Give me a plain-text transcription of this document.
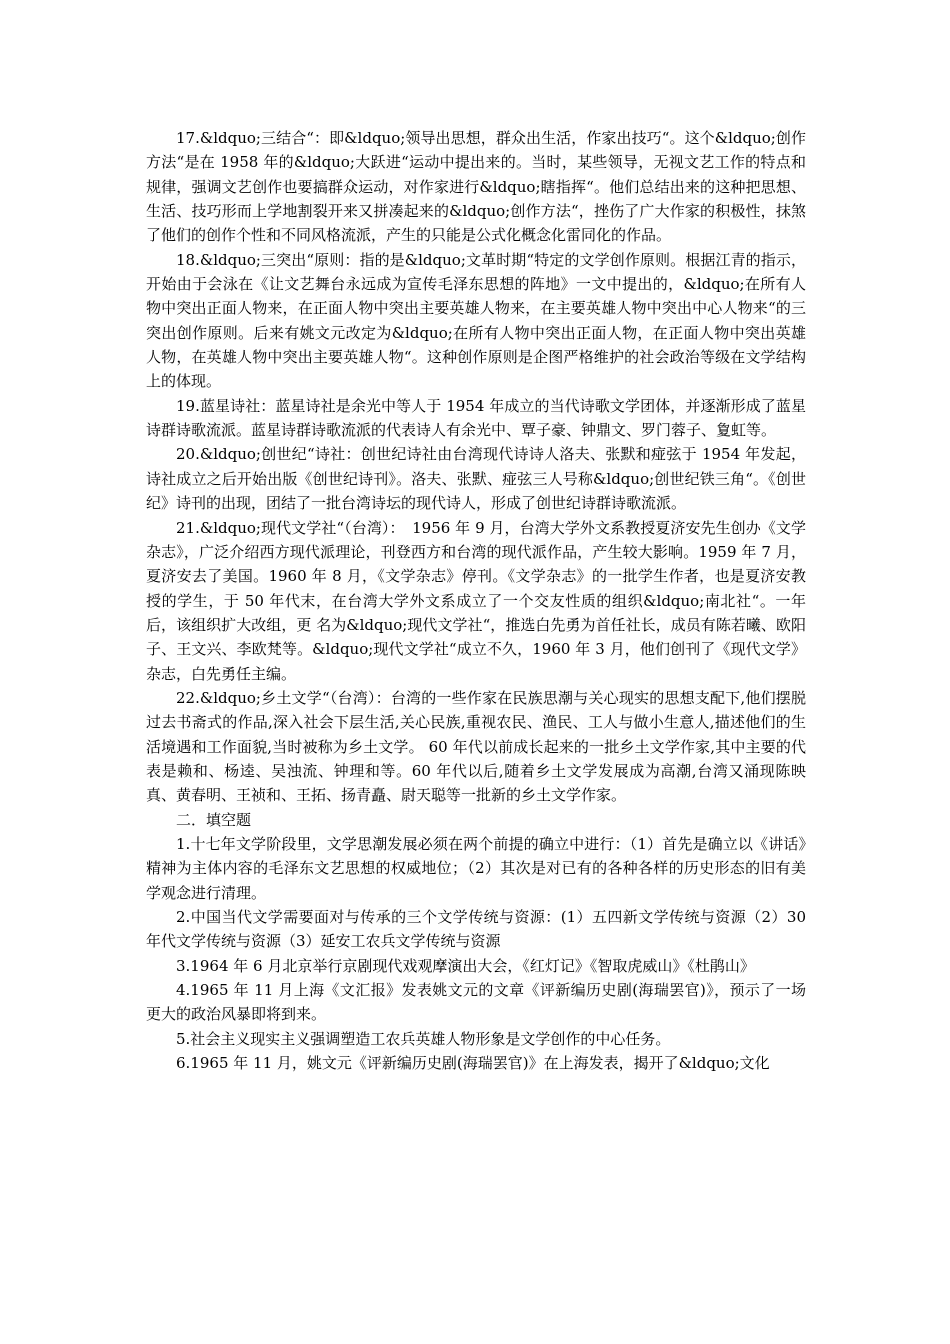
17.&ldquo;三结合“：即&ldquo;领导出思想，群众出生活，作家出技巧“。这个&ldquo;创作方法“是在 1958 年的&ldquo;大跃进“运动中提出来的。当时，某些领导，无视文艺工作的特点和规律，强调文艺创作也要搞群众运动，对作家进行&ldquo;瞎指挥“。他们总结出来的这种把思想、生活、技巧形而上学地割裂开来又拼凑起来的&ldquo;创作方法“，挫伤了广大作家的积极性，抹煞了他们的创作个性和不同风格流派，产生的只能是公式化概念化雷同化的作品。

18.&ldquo;三突出“原则：指的是&ldquo;文革时期“特定的文学创作原则。根据江青的指示，开始由于会泳在《让文艺舞台永远成为宣传毛泽东思想的阵地》一文中提出的，&ldquo;在所有人物中突出正面人物来，在正面人物中突出主要英雄人物来，在主要英雄人物中突出中心人物来“的三突出创作原则。后来有姚文元改定为&ldquo;在所有人物中突出正面人物，在正面人物中突出英雄人物，在英雄人物中突出主要英雄人物“。这种创作原则是企图严格维护的社会政治等级在文学结构上的体现。

19.蓝星诗社：蓝星诗社是余光中等人于 1954 年成立的当代诗歌文学团体，并逐渐形成了蓝星诗群诗歌流派。蓝星诗群诗歌流派的代表诗人有余光中、覃子豪、钟鼎文、罗门蓉子、夐虹等。

20.&ldquo;创世纪“诗社：创世纪诗社由台湾现代诗诗人洛夫、张默和痖弦于 1954 年发起，诗社成立之后开始出版《创世纪诗刊》。洛夫、张默、痖弦三人号称&ldquo;创世纪铁三角“。《创世纪》诗刊的出现，团结了一批台湾诗坛的现代诗人，形成了创世纪诗群诗歌流派。

21.&ldquo;现代文学社“（台湾）：　1956 年 9 月，台湾大学外文系教授夏济安先生创办《文学杂志》，广泛介绍西方现代派理论，刊登西方和台湾的现代派作品，产生较大影响。1959 年 7 月，夏济安去了美国。1960 年 8 月，《文学杂志》停刊。《文学杂志》的一批学生作者，也是夏济安教授的学生，于 50 年代末，在台湾大学外文系成立了一个交友性质的组织&ldquo;南北社“。一年后，该组织扩大改组，更 名为&ldquo;现代文学社“，推选白先勇为首任社长，成员有陈若曦、欧阳子、王文兴、李欧梵等。&ldquo;现代文学社“成立不久，1960 年 3 月，他们创刊了《现代文学》 杂志，白先勇任主编。

22.&ldquo;乡土文学“（台湾）：台湾的一些作家在民族思潮与关心现实的思想支配下,他们摆脱过去书斋式的作品,深入社会下层生活,关心民族,重视农民、渔民、工人与做小生意人,描述他们的生活境遇和工作面貌,当时被称为乡土文学。 60 年代以前成长起来的一批乡土文学作家,其中主要的代表是赖和、杨逵、吴浊流、钟理和等。60 年代以后,随着乡土文学发展成为高潮,台湾又涌现陈映真、黄春明、王祯和、王拓、扬青矗、尉天聪等一批新的乡土文学作家。

二．填空题

1.十七年文学阶段里，文学思潮发展必须在两个前提的确立中进行：（1）首先是确立以《讲话》精神为主体内容的毛泽东文艺思想的权威地位；（2）其次是对已有的各种各样的历史形态的旧有美学观念进行清理。

2.中国当代文学需要面对与传承的三个文学传统与资源：(1）五四新文学传统与资源（2）30 年代文学传统与资源（3）延安工农兵文学传统与资源

3.1964 年 6 月北京举行京剧现代戏观摩演出大会，《红灯记》《智取虎威山》《杜鹃山》

4.1965 年 11 月上海《文汇报》发表姚文元的文章《评新编历史剧(海瑞罢官)》，预示了一场更大的政治风暴即将到来。

5.社会主义现实主义强调塑造工农兵英雄人物形象是文学创作的中心任务。

6.1965 年 11 月，姚文元《评新编历史剧(海瑞罢官)》在上海发表，揭开了&ldquo;文化
